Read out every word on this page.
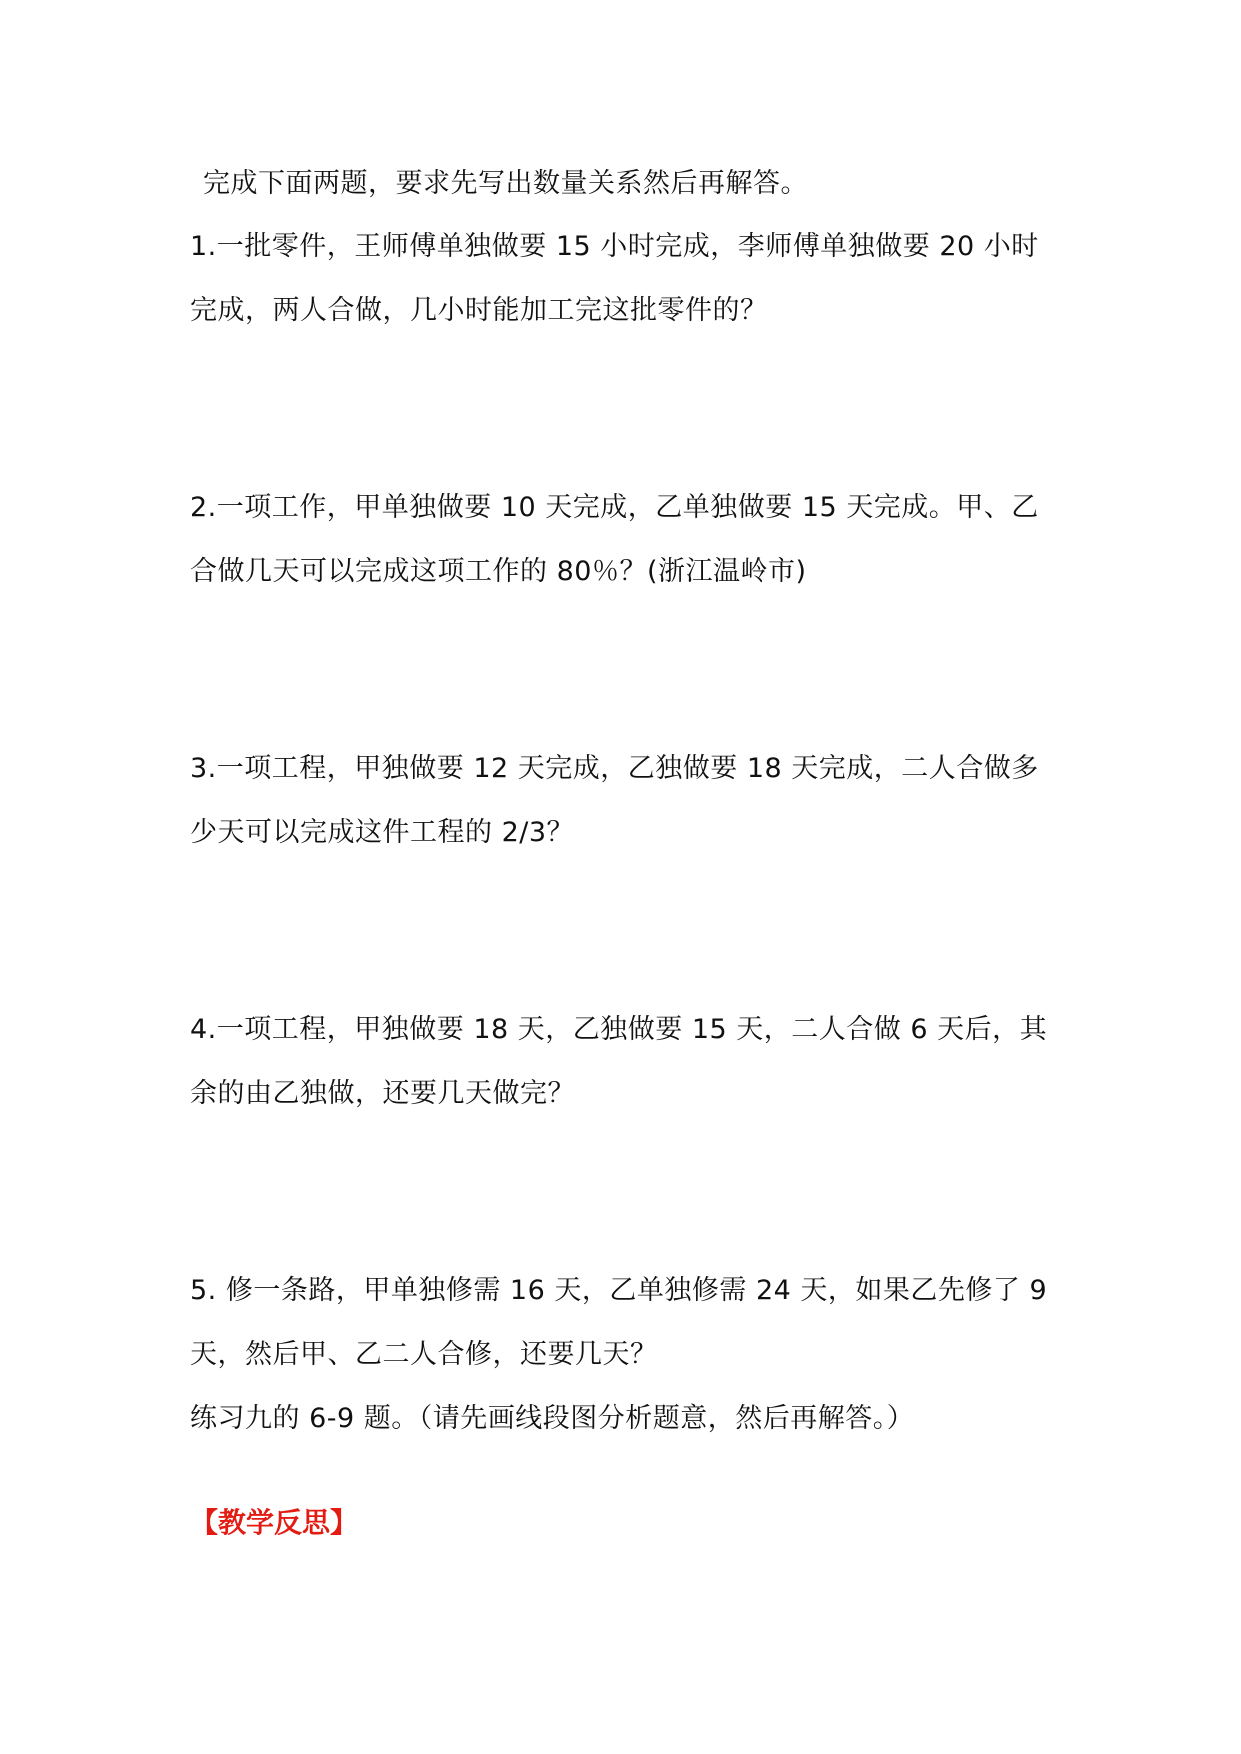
完成下面两题，要求先写出数量关系然后再解答。
1.一批零件，王师傅单独做要 15 小时完成，李师傅单独做要 20 小时
完成，两人合做，几小时能加工完这批零件的？
2.一项工作，甲单独做要 10 天完成，乙单独做要 15 天完成。甲、乙
合做几天可以完成这项工作的 80％？(浙江温岭市)
3.一项工程，甲独做要 12 天完成，乙独做要 18 天完成，二人合做多
少天可以完成这件工程的 2/3？
4.一项工程，甲独做要 18 天，乙独做要 15 天，二人合做 6 天后，其
余的由乙独做，还要几天做完？
5. 修一条路，甲单独修需 16 天，乙单独修需 24 天，如果乙先修了 9
天，然后甲、乙二人合修，还要几天？
练习九的 6-9 题。（请先画线段图分析题意，然后再解答。）
【教学反思】
